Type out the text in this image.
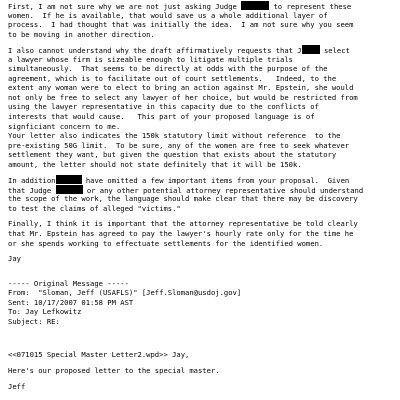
First, I am not sure why we are not just asking Judge	to represent these
women.  If he is available, that would save us a whole additional layer of
process.  I had thought that was initially the idea.  I am not sure why you seem
to be moving in another direction.
I also cannot understand why the draft affirmatively requests that J	select
a lawyer whose firm is sizeable enough to litigate multiple trials
simultaneously.  That seems to be directly at odds with the purpose of the
agreement, which is to facilitate out of court settlements.   Indeed, to the
extent any woman were to elect to bring an action against Mr. Epstein, she would
not only be free to select any lawyer of her choice, but would be restricted from
using the lawyer representative in this capacity due to the conflicts of
interests that would cause.   This part of your proposed language is of
signficiant concern to me.
Your letter also indicates the 150k statutory limit without reference  to the
pre-existing 50G limit.  To be sure, any of the women are free to seek whatever
settlement they want, but given the question that exists about the statutory
amount, the letter should not state definitely that it will be 150k.
In addition	have omitted a few important items from your proposal.  Given
that Judge	or any other potential attorney representative should understand
the scope of the work, the language should make clear that there may be discovery
to test the claims of alleged "victims."
Finally, I think it is important that the attorney representative be told clearly
that Mr. Epstein has agreed to pay the lawyer's hourly rate only for the time he
or she spends working to effectuate settlements for the identified women.
Jay
----- Original Message -----
From:  "Sloman, Jeff (USAFLS)" [Jeff.Sloman@usdoj.gov]
Sent: 10/17/2007 01:58 PM AST
To: Jay Lefkowitz
Subject: RE:
<<071015 Special Master Letter2.wpd>> Jay,
Here's our proposed letter to the special master.
Jeff
